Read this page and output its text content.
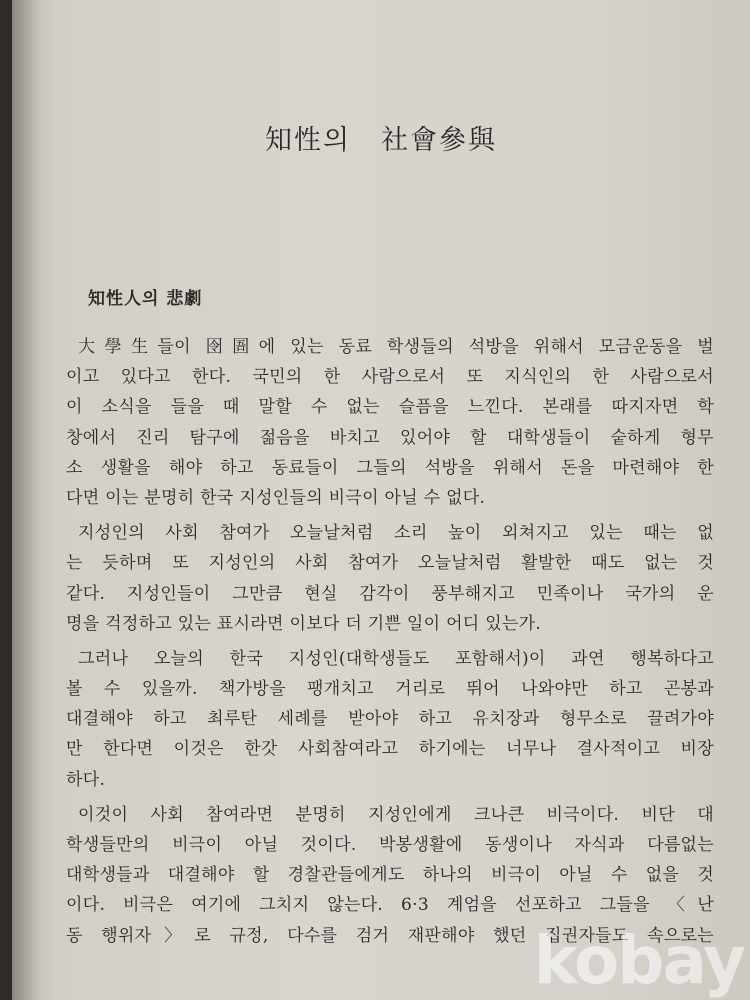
知性의 社會參與
知性人의 悲劇
大學生들이 囹圄에 있는 동료 학생들의 석방을 위해서 모금운동을 벌
이고 있다고 한다. 국민의 한 사람으로서 또 지식인의 한 사람으로서
이 소식을 들을 때 말할 수 없는 슬픔을 느낀다. 본래를 따지자면 학
창에서 진리 탐구에 젊음을 바치고 있어야 할 대학생들이 숱하게 형무
소 생활을 해야 하고 동료들이 그들의 석방을 위해서 돈을 마련해야 한
다면 이는 분명히 한국 지성인들의 비극이 아닐 수 없다.
지성인의 사회 참여가 오늘날처럼 소리 높이 외쳐지고 있는 때는 없
는 듯하며 또 지성인의 사회 참여가 오늘날처럼 활발한 때도 없는 것
같다. 지성인들이 그만큼 현실 감각이 풍부해지고 민족이나 국가의 운
명을 걱정하고 있는 표시라면 이보다 더 기쁜 일이 어디 있는가.
그러나 오늘의 한국 지성인(대학생들도 포함해서)이 과연 행복하다고
볼 수 있을까. 책가방을 팽개치고 거리로 뛰어 나와야만 하고 곤봉과
대결해야 하고 최루탄 세례를 받아야 하고 유치장과 형무소로 끌려가야
만 한다면 이것은 한갓 사회참여라고 하기에는 너무나 결사적이고 비장
하다.
이것이 사회 참여라면 분명히 지성인에게 크나큰 비극이다. 비단 대
학생들만의 비극이 아닐 것이다. 박봉생활에 동생이나 자식과 다름없는
대학생들과 대결해야 할 경찰관들에게도 하나의 비극이 아닐 수 없을 것
이다. 비극은 여기에 그치지 않는다. 6·3 계엄을 선포하고 그들을 〈난
동 행위자〉로 규정, 다수를 검거 재판해야 했던 집권자들도 속으로는
kobay
